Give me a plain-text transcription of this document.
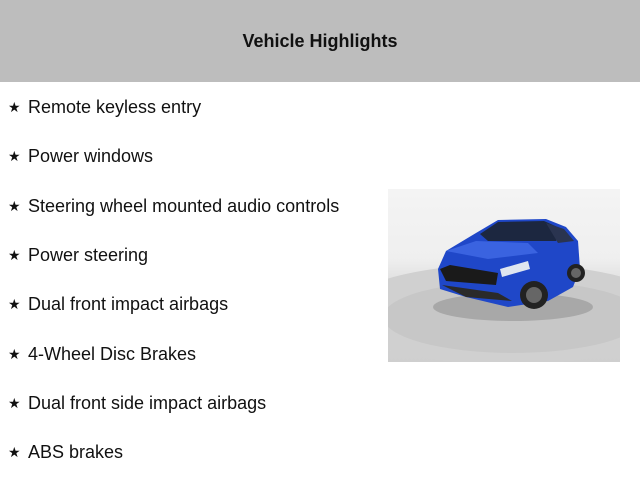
Vehicle Highlights
★ Remote keyless entry
★ Power windows
★ Steering wheel mounted audio controls
★ Power steering
★ Dual front impact airbags
★ 4-Wheel Disc Brakes
★ Dual front side impact airbags
★ ABS brakes
